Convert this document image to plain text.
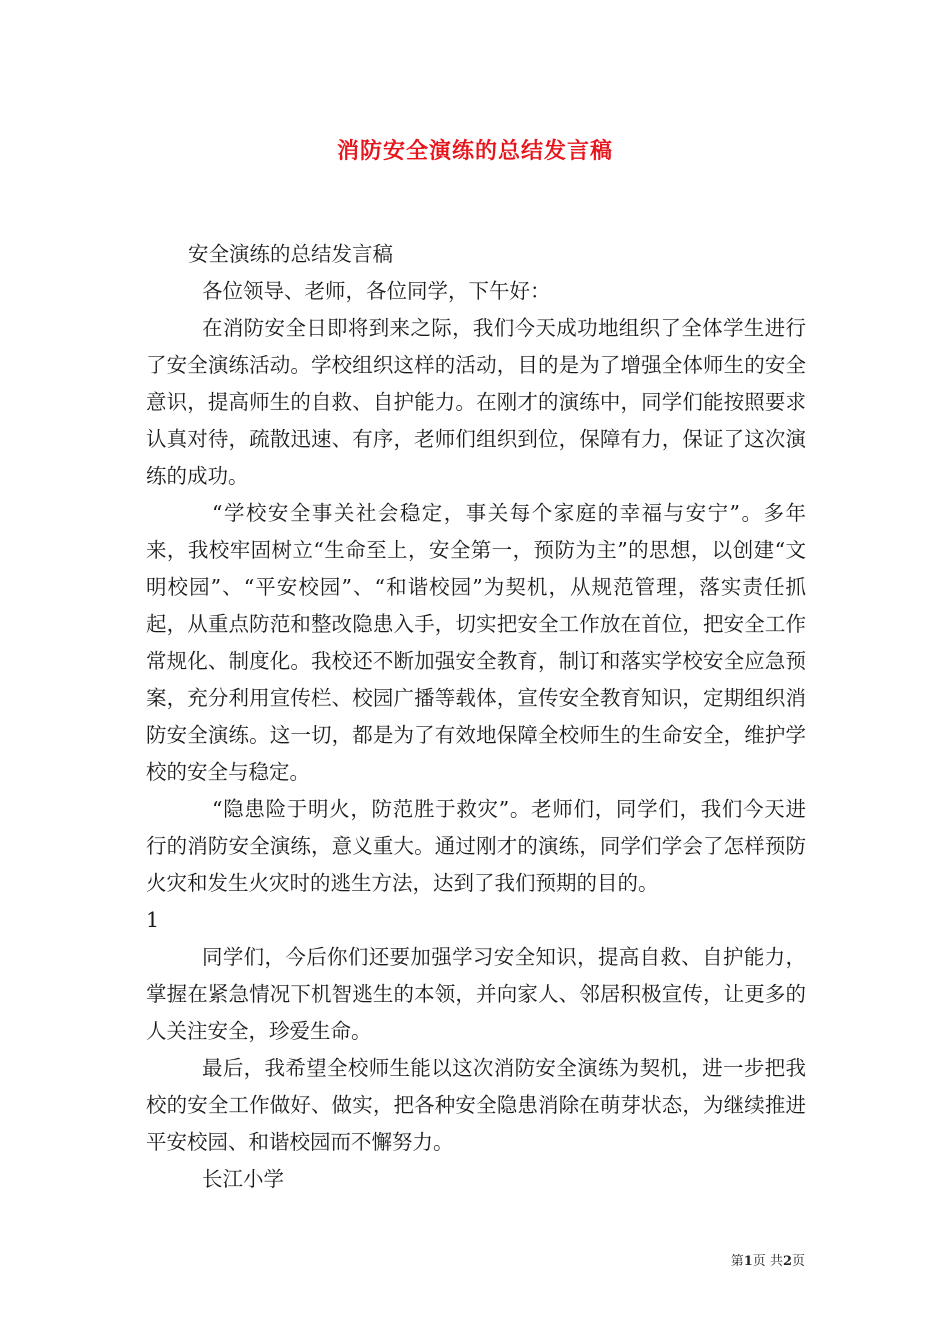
消防安全演练的总结发言稿

安全演练的总结发言稿

各位领导、老师，各位同学，下午好：

在消防安全日即将到来之际，我们今天成功地组织了全体学生进行了安全演练活动。学校组织这样的活动，目的是为了增强全体师生的安全意识，提高师生的自救、自护能力。在刚才的演练中，同学们能按照要求认真对待，疏散迅速、有序，老师们组织到位，保障有力，保证了这次演练的成功。

“学校安全事关社会稳定，事关每个家庭的幸福与安宁”。多年来，我校牢固树立“生命至上，安全第一，预防为主”的思想，以创建“文明校园”、“平安校园”、“和谐校园”为契机，从规范管理，落实责任抓起，从重点防范和整改隐患入手，切实把安全工作放在首位，把安全工作常规化、制度化。我校还不断加强安全教育，制订和落实学校安全应急预案，充分利用宣传栏、校园广播等载体，宣传安全教育知识，定期组织消防安全演练。这一切，都是为了有效地保障全校师生的生命安全，维护学校的安全与稳定。

“隐患险于明火，防范胜于救灾”。老师们，同学们，我们今天进行的消防安全演练，意义重大。通过刚才的演练，同学们学会了怎样预防火灾和发生火灾时的逃生方法，达到了我们预期的目的。

1

同学们，今后你们还要加强学习安全知识，提高自救、自护能力，掌握在紧急情况下机智逃生的本领，并向家人、邻居积极宣传，让更多的人关注安全，珍爱生命。

最后，我希望全校师生能以这次消防安全演练为契机，进一步把我校的安全工作做好、做实，把各种安全隐患消除在萌芽状态，为继续推进平安校园、和谐校园而不懈努力。

长江小学

第1页 共2页
